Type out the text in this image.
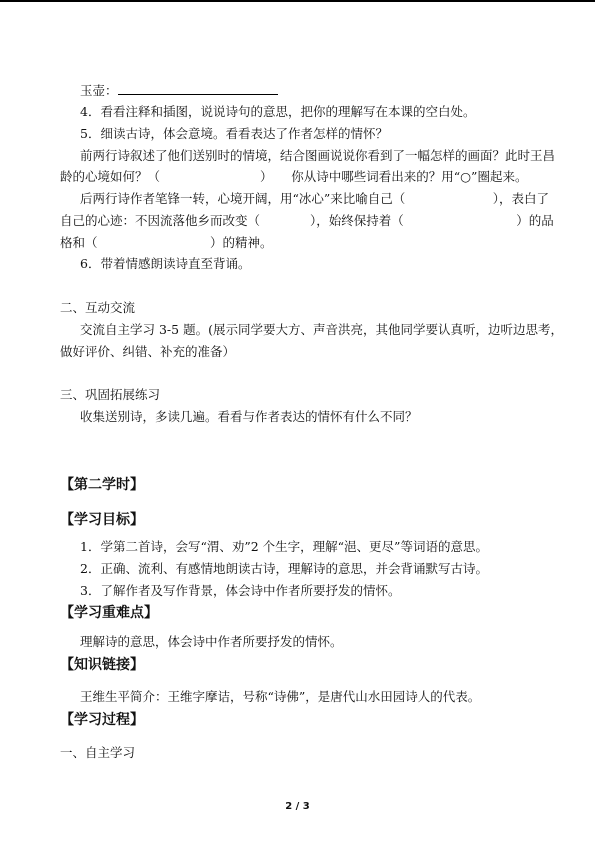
玉壶：
4．看看注释和插图，说说诗句的意思，把你的理解写在本课的空白处。
5．细读古诗，体会意境。看看表达了作者怎样的情怀？
前两行诗叙述了他们送别时的情境，结合图画说说你看到了一幅怎样的画面？此时王昌
龄的心境如何？（　　　　　　　　）　　你从诗中哪些词看出来的？用“○”圈起来。
后两行诗作者笔锋一转，心境开阔，用“冰心”来比喻自己（　　　　　　　），表白了
自己的心迹：不因流落他乡而改变（　　　　），始终保持着（　　　　　　　　　）的品
格和（　　　　　　　　　）的精神。
6．带着情感朗读诗直至背诵。
二、互动交流
交流自主学习 3-5 题。(展示同学要大方、声音洪亮，其他同学要认真听，边听边思考，
做好评价、纠错、补充的准备）
三、巩固拓展练习
收集送别诗，多读几遍。看看与作者表达的情怀有什么不同？
【第二学时】
【学习目标】
1．学第二首诗，会写“渭、劝”2 个生字，理解“浥、更尽”等词语的意思。
2．正确、流利、有感情地朗读古诗，理解诗的意思，并会背诵默写古诗。
3．了解作者及写作背景，体会诗中作者所要抒发的情怀。
【学习重难点】
理解诗的意思，体会诗中作者所要抒发的情怀。
【知识链接】
王维生平简介：王维字摩诘，号称“诗佛”，是唐代山水田园诗人的代表。
【学习过程】
一、自主学习
2 / 3
